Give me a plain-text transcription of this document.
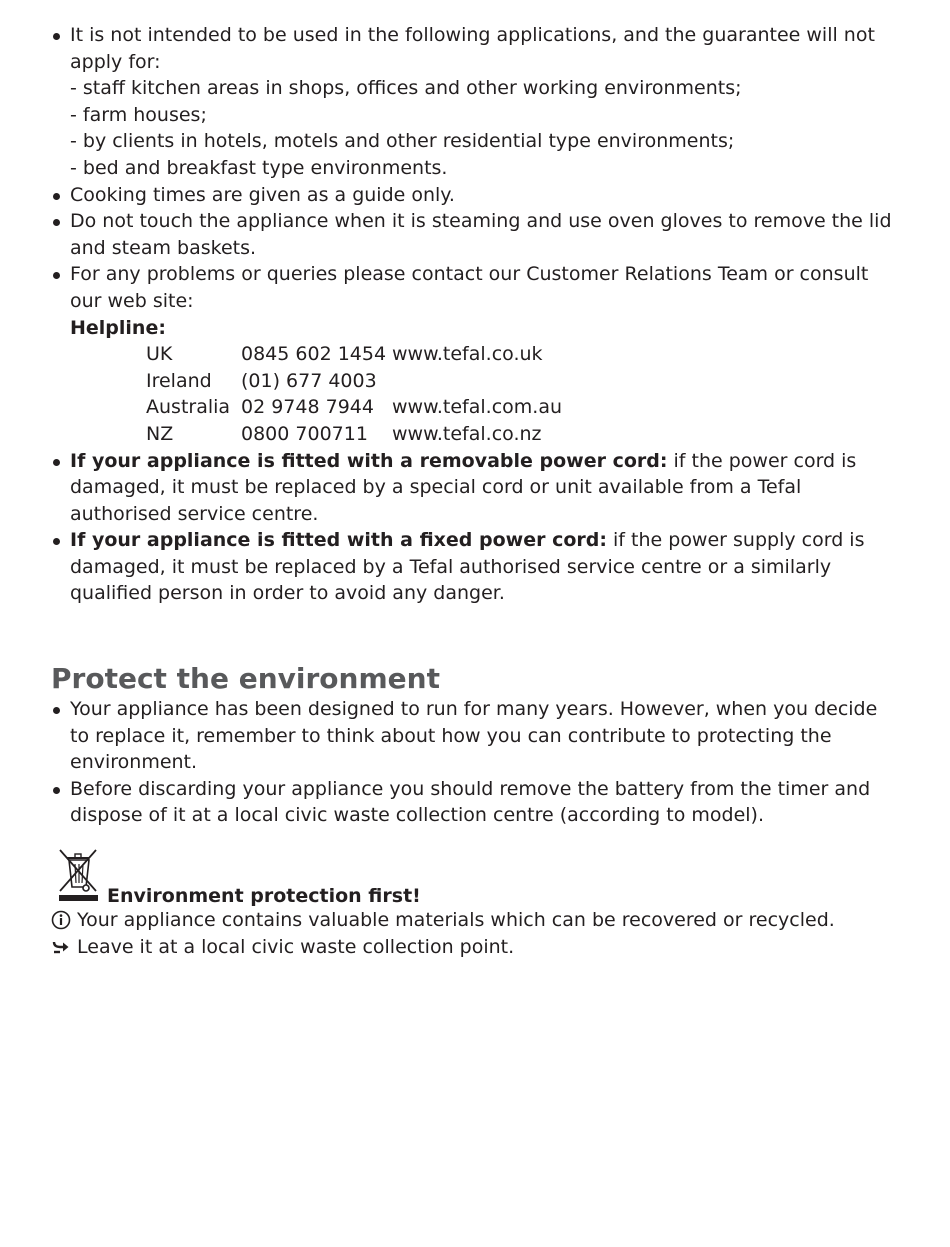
It is not intended to be used in the following applications, and the guarantee will not apply for:
- staff kitchen areas in shops, offices and other working environments;
- farm houses;
- by clients in hotels, motels and other residential type environments;
- bed and breakfast type environments.
Cooking times are given as a guide only.
Do not touch the appliance when it is steaming and use oven gloves to remove the lid and steam baskets.
For any problems or queries please contact our Customer Relations Team or consult our web site:
Helpline:
UK	0845 602 1454	www.tefal.co.uk
Ireland	(01) 677 4003	
Australia	02 9748 7944	www.tefal.com.au
NZ	0800 700711	www.tefal.co.nz
If your appliance is fitted with a removable power cord: if the power cord is damaged, it must be replaced by a special cord or unit available from a Tefal authorised service centre.
If your appliance is fitted with a fixed power cord: if the power supply cord is damaged, it must be replaced by a Tefal authorised service centre or a similarly qualified person in order to avoid any danger.
Protect the environment
Your appliance has been designed to run for many years. However, when you decide to replace it, remember to think about how you can contribute to protecting the environment.
Before discarding your appliance you should remove the battery from the timer and dispose of it at a local civic waste collection centre (according to model).
Environment protection first!
Your appliance contains valuable materials which can be recovered or recycled.
Leave it at a local civic waste collection point.
